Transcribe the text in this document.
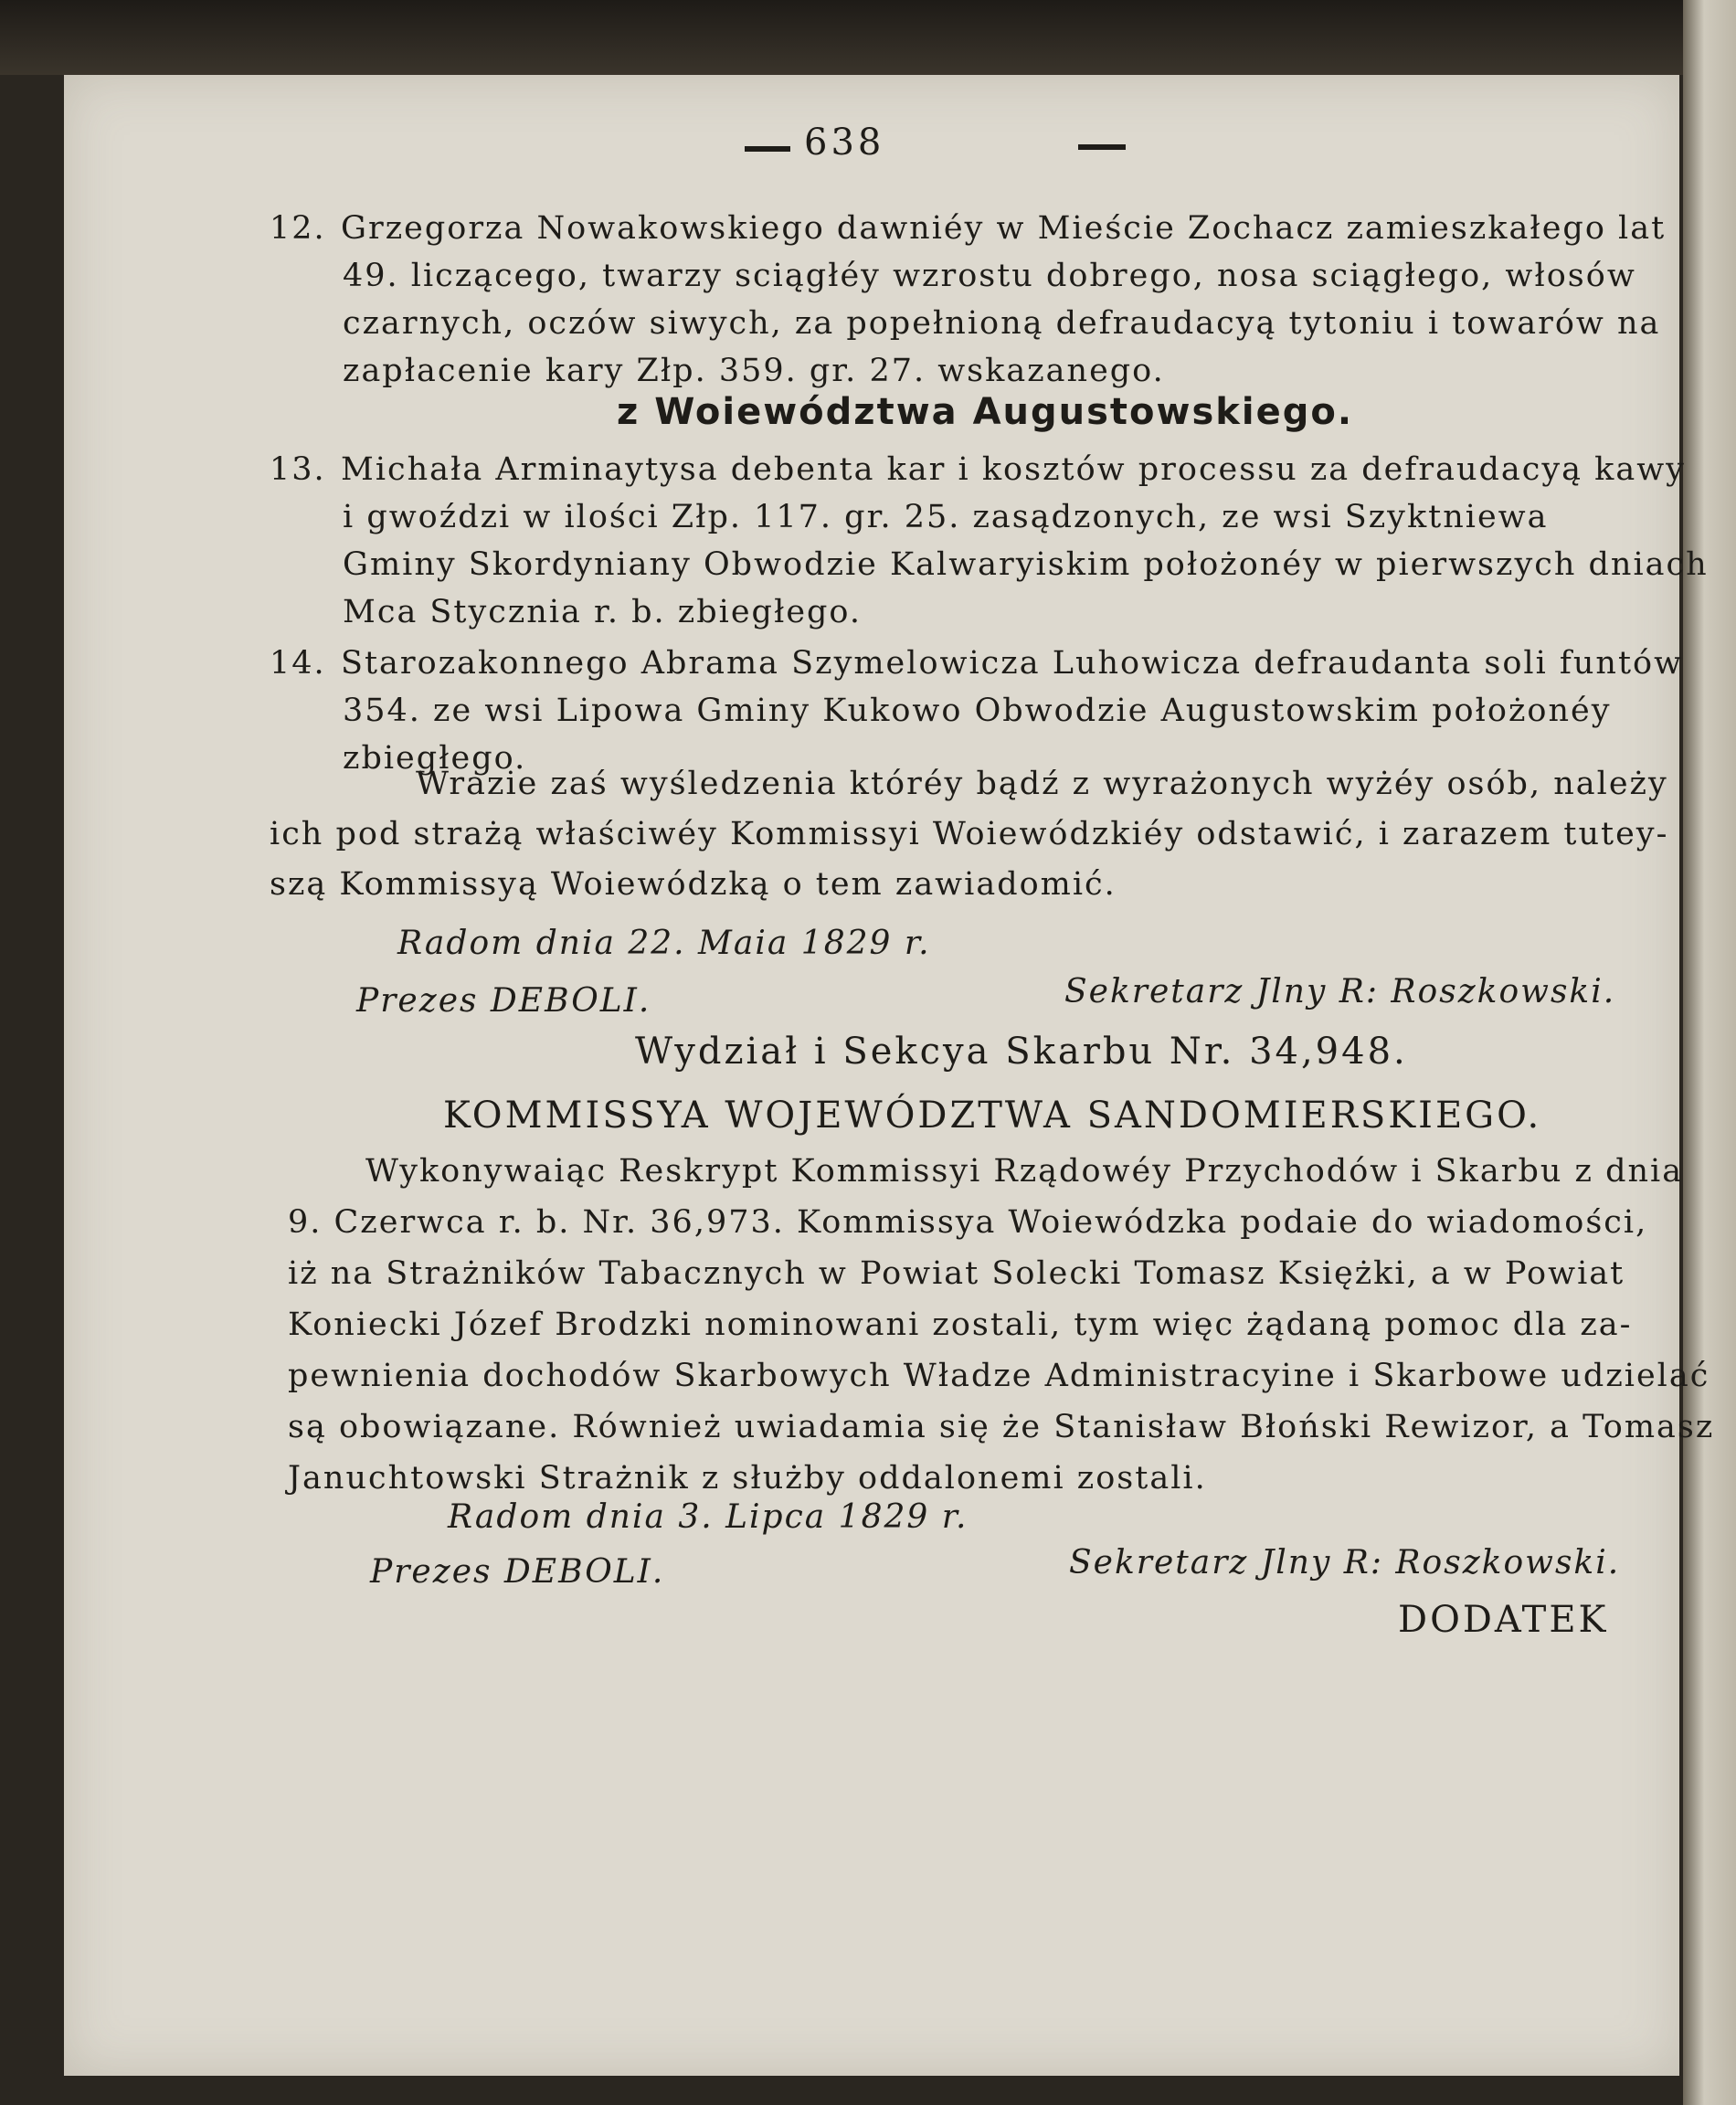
638
12. Grzegorza Nowakowskiego dawniéy w Mieście Zochacz zamieszkałego lat
49. liczącego, twarzy sciągłéy wzrostu dobrego, nosa sciągłego, włosów
czarnych, oczów siwych, za popełnioną defraudacyą tytoniu i towarów na
zapłacenie kary Złp. 359. gr. 27. wskazanego.
z Woiewództwa Augustowskiego.
13. Michała Arminaytysa debenta kar i kosztów processu za defraudacyą kawy
i gwoździ w ilości Złp. 117. gr. 25. zasądzonych, ze wsi Szyktniewa
Gminy Skordyniany Obwodzie Kalwaryiskim położonéy w pierwszych dniach
Mca Stycznia r. b. zbiegłego.
14. Starozakonnego Abrama Szymelowicza Luhowicza defraudanta soli funtów
354. ze wsi Lipowa Gminy Kukowo Obwodzie Augustowskim położonéy
zbiegłego.
Wrazie zaś wyśledzenia któréy bądź z wyrażonych wyżéy osób, należy
ich pod strażą właściwéy Kommissyi Woiewódzkiéy odstawić, i zarazem tutey-
szą Kommissyą Woiewódzką o tem zawiadomić.
Radom dnia 22. Maia 1829 r.
Prezes DEBOLI.	Sekretarz Jlny R: Roszkowski.
Wydział i Sekcya Skarbu Nr. 34,948.
KOMMISSYA WOJEWÓDZTWA SANDOMIERSKIEGO.
Wykonywaiąc Reskrypt Kommissyi Rządowéy Przychodów i Skarbu z dnia
9. Czerwca r. b. Nr. 36,973. Kommissya Woiewódzka podaie do wiadomości,
iż na Strażników Tabacznych w Powiat Solecki Tomasz Księżki, a w Powiat
Koniecki Józef Brodzki nominowani zostali, tym więc żądaną pomoc dla za-
pewnienia dochodów Skarbowych Władze Administracyine i Skarbowe udzielać
są obowiązane. Również uwiadamia się że Stanisław Błoński Rewizor, a Tomasz
Januchtowski Strażnik z służby oddalonemi zostali.
Radom dnia 3. Lipca 1829 r.
Prezes DEBOLI.	Sekretarz Jlny R: Roszkowski.
DODATEK
